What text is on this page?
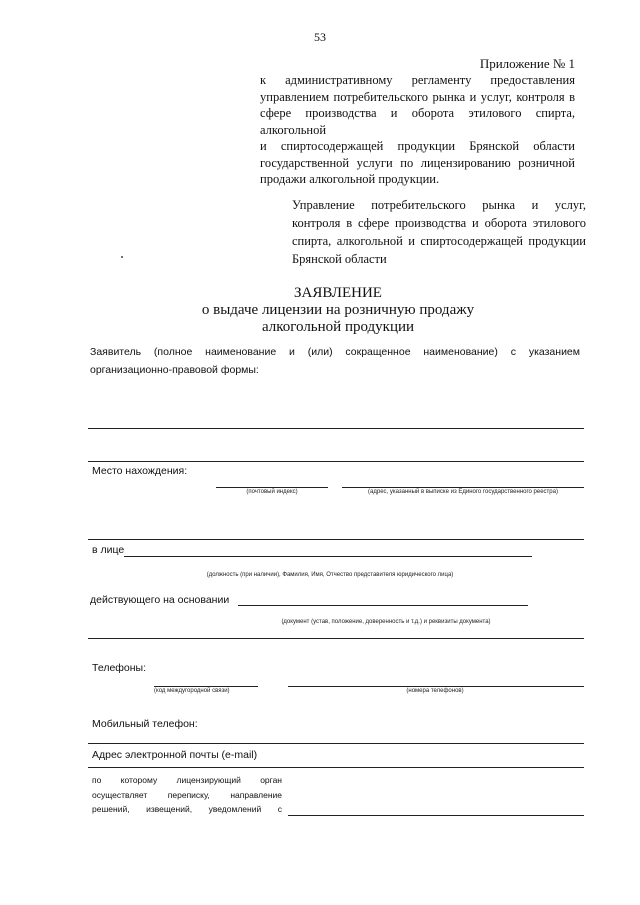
53
Приложение № 1
к административному регламенту предоставления
управлением потребительского рынка и услуг, контроля в
сфере производства и оборота этилового спирта, алкогольной
и спиртосодержащей продукции Брянской области
государственной услуги по лицензированию розничной
продажи алкогольной продукции.
Управление потребительского рынка и услуг,
контроля в сфере производства и оборота этилового
спирта, алкогольной и спиртосодержащей продукции
Брянской области
ЗАЯВЛЕНИЕ
о выдаче лицензии на розничную продажу
алкогольной продукции
Заявитель (полное наименование и (или) сокращенное наименование) с указанием
организационно-правовой формы:
Место нахождения:
(почтовый индекс)	(адрес, указанный в выписке из Единого государственного реестра)
в лице
(должность (при наличии), Фамилия, Имя, Отчество представителя юридического лица)
действующего на основании
(документ (устав, положение, доверенность и т.д.) и реквизиты документа)
Телефоны:
(код междугородной связи)	(номера телефонов)
Мобильный телефон:
Адрес электронной почты (e-mail)
по которому лицензирующий орган
осуществляет переписку, направление
решений, извещений, уведомлений с
